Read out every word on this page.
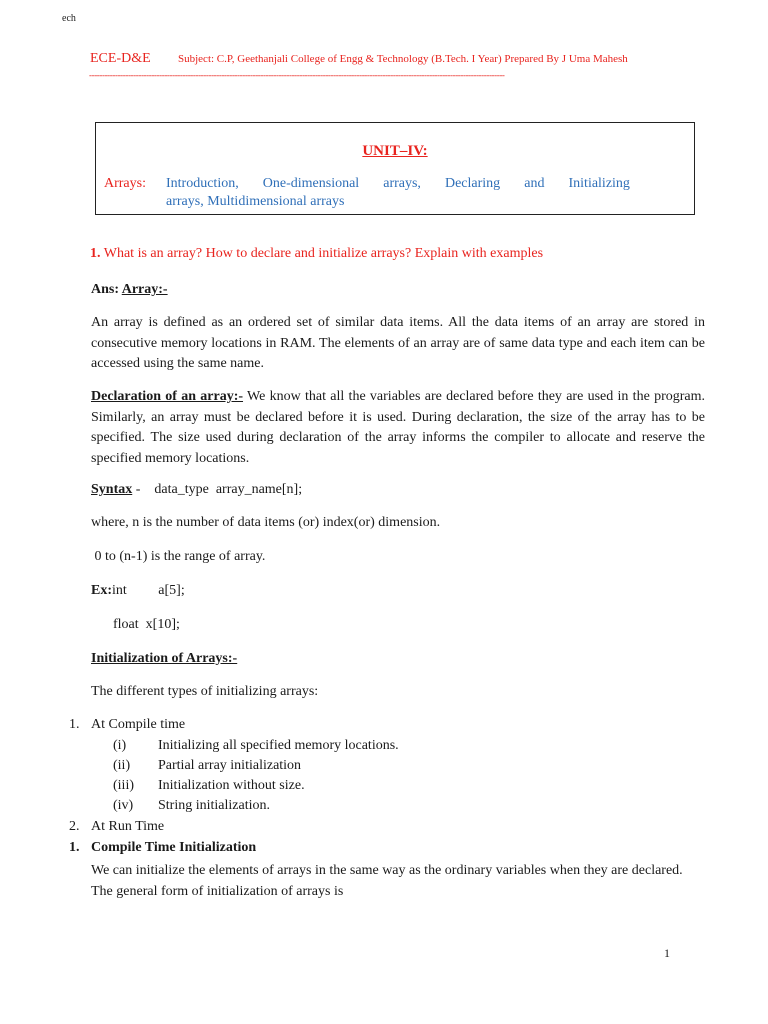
ech
ECE-D&E Subject: C.P, Geethanjali College of Engg & Technology (B.Tech. I Year) Prepared By J Uma Mahesh
----------------------------------------------------------------------------------------------------------------------------------------------------------------
UNIT–IV:
Arrays: Introduction, One-dimensional arrays, Declaring and Initializing
arrays, Multidimensional arrays
1. What is an array? How to declare and initialize arrays? Explain with examples
Ans: Array:-
An array is defined as an ordered set of similar data items. All the data items of an array are stored in consecutive memory locations in RAM. The elements of an array are of same data type and each item can be accessed using the same name.
Declaration of an array:- We know that all the variables are declared before they are used in the program. Similarly, an array must be declared before it is used. During declaration, the size of the array has to be specified. The size used during declaration of the array informs the compiler to allocate and reserve the specified memory locations.
Syntax -    data_type  array_name[n];
where, n is the number of data items (or) index(or) dimension.
0 to (n-1) is the range of array.
Ex:int         a[5];
float  x[10];
Initialization of Arrays:-
The different types of initializing arrays:
1. At Compile time
(i) Initializing all specified memory locations.
(ii) Partial array initialization
(iii) Initialization without size.
(iv) String initialization.
2. At Run Time
1. Compile Time Initialization
We can initialize the elements of arrays in the same way as the ordinary variables when they are declared. The general form of initialization of arrays is
1
